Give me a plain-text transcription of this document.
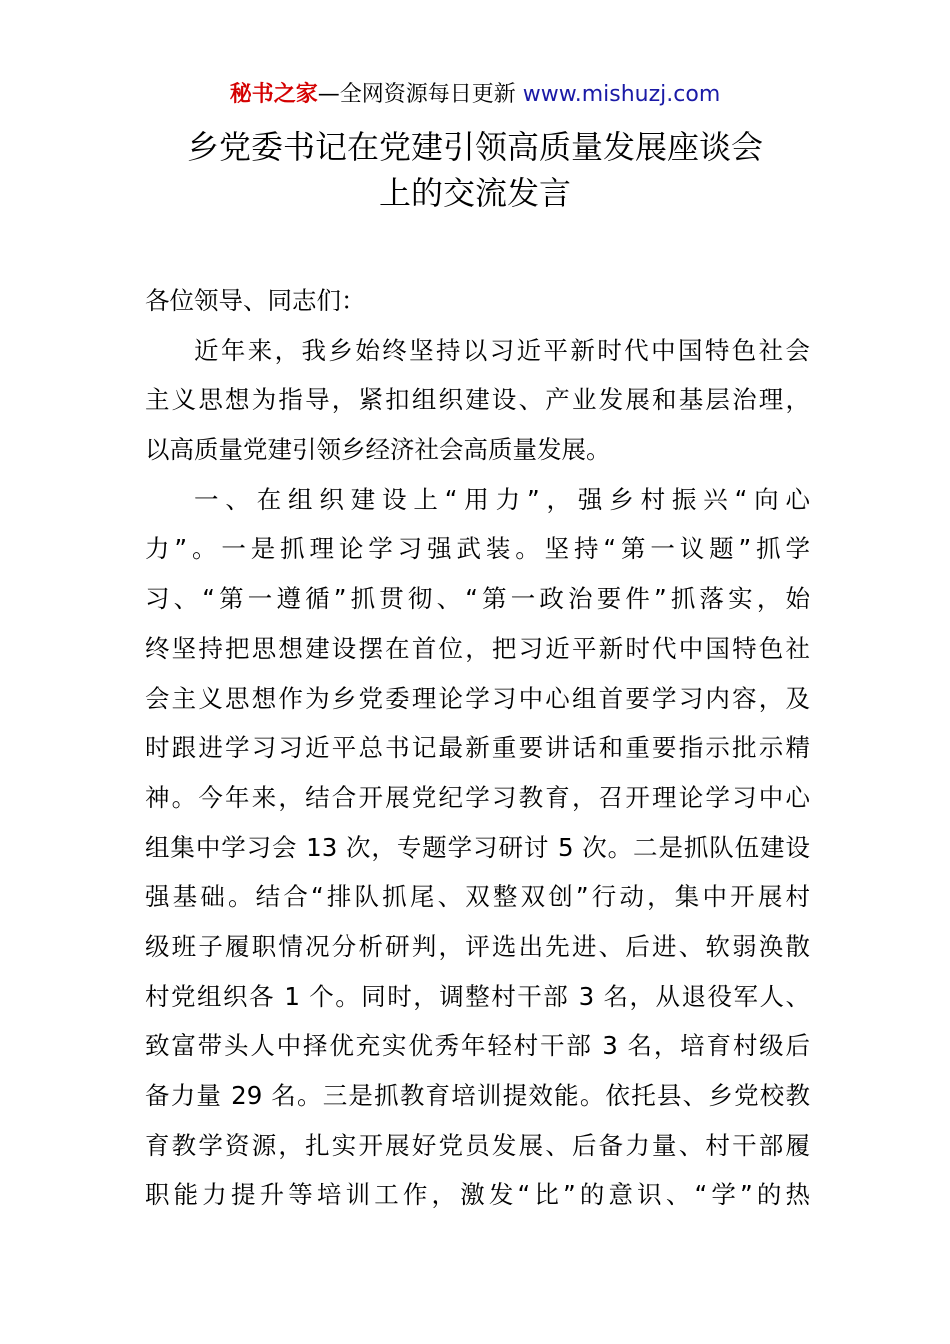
秘书之家—全网资源每日更新 www.mishuzj.com
乡党委书记在党建引领高质量发展座谈会
上的交流发言
各位领导、同志们：
近年来，我乡始终坚持以习近平新时代中国特色社会
主义思想为指导，紧扣组织建设、产业发展和基层治理，
以高质量党建引领乡经济社会高质量发展。
一、在组织建设上“用力”，强乡村振兴“向心
力”。一是抓理论学习强武装。坚持“第一议题”抓学
习、“第一遵循”抓贯彻、“第一政治要件”抓落实，始
终坚持把思想建设摆在首位，把习近平新时代中国特色社
会主义思想作为乡党委理论学习中心组首要学习内容，及
时跟进学习习近平总书记最新重要讲话和重要指示批示精
神。今年来，结合开展党纪学习教育，召开理论学习中心
组集中学习会 13 次，专题学习研讨 5 次。二是抓队伍建设
强基础。结合“排队抓尾、双整双创”行动，集中开展村
级班子履职情况分析研判，评选出先进、后进、软弱涣散
村党组织各 1 个。同时，调整村干部 3 名，从退役军人、
致富带头人中择优充实优秀年轻村干部 3 名，培育村级后
备力量 29 名。三是抓教育培训提效能。依托县、乡党校教
育教学资源，扎实开展好党员发展、后备力量、村干部履
职能力提升等培训工作，激发“比”的意识、“学”的热
